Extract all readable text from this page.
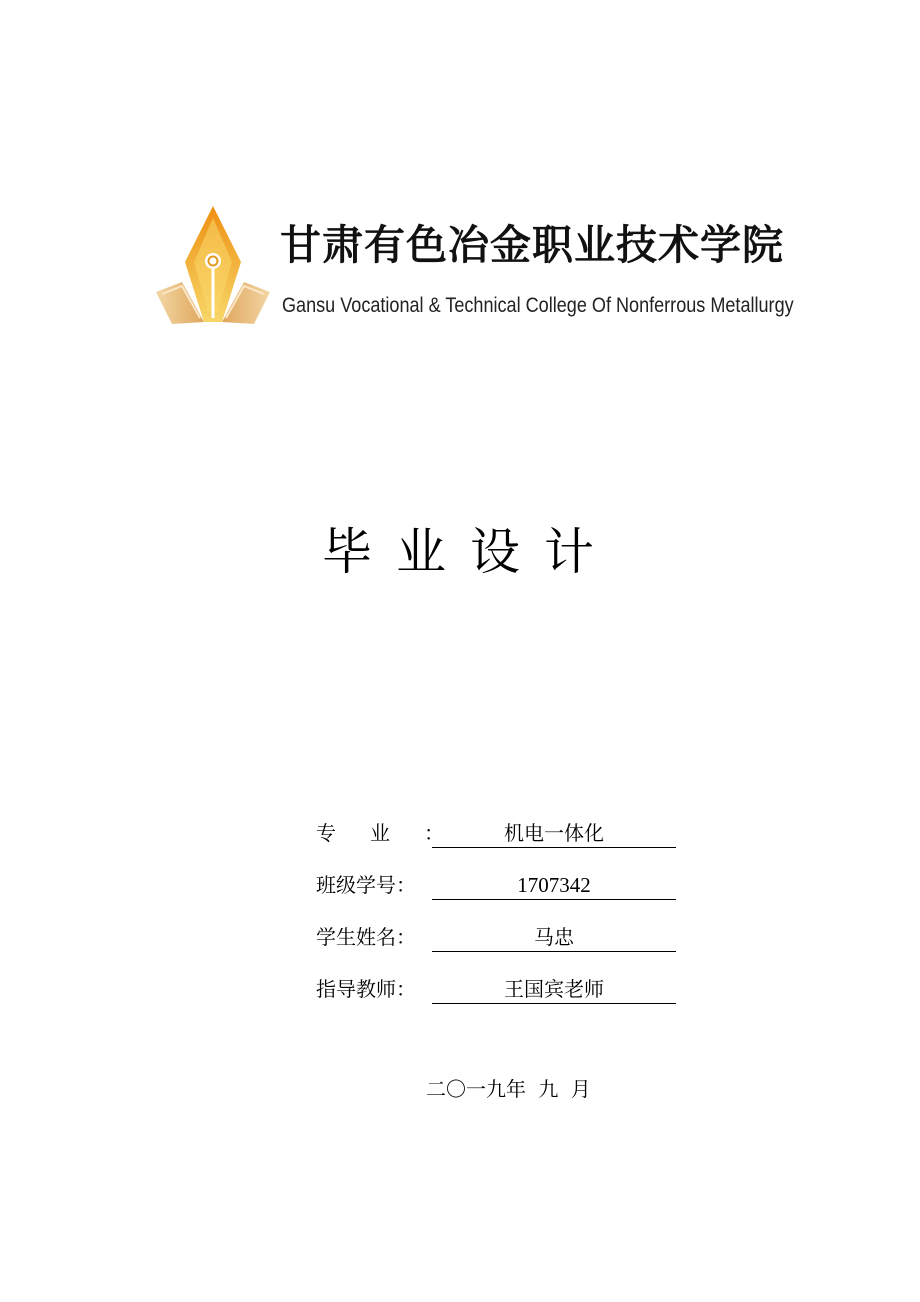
甘肃有色冶金职业技术学院
Gansu Vocational & Technical College Of Nonferrous Metallurgy
毕业设计
专业：	机电一体化
班级学号：	1707342
学生姓名：	马忠
指导教师：	王国宾老师
二〇一九年 九 月
